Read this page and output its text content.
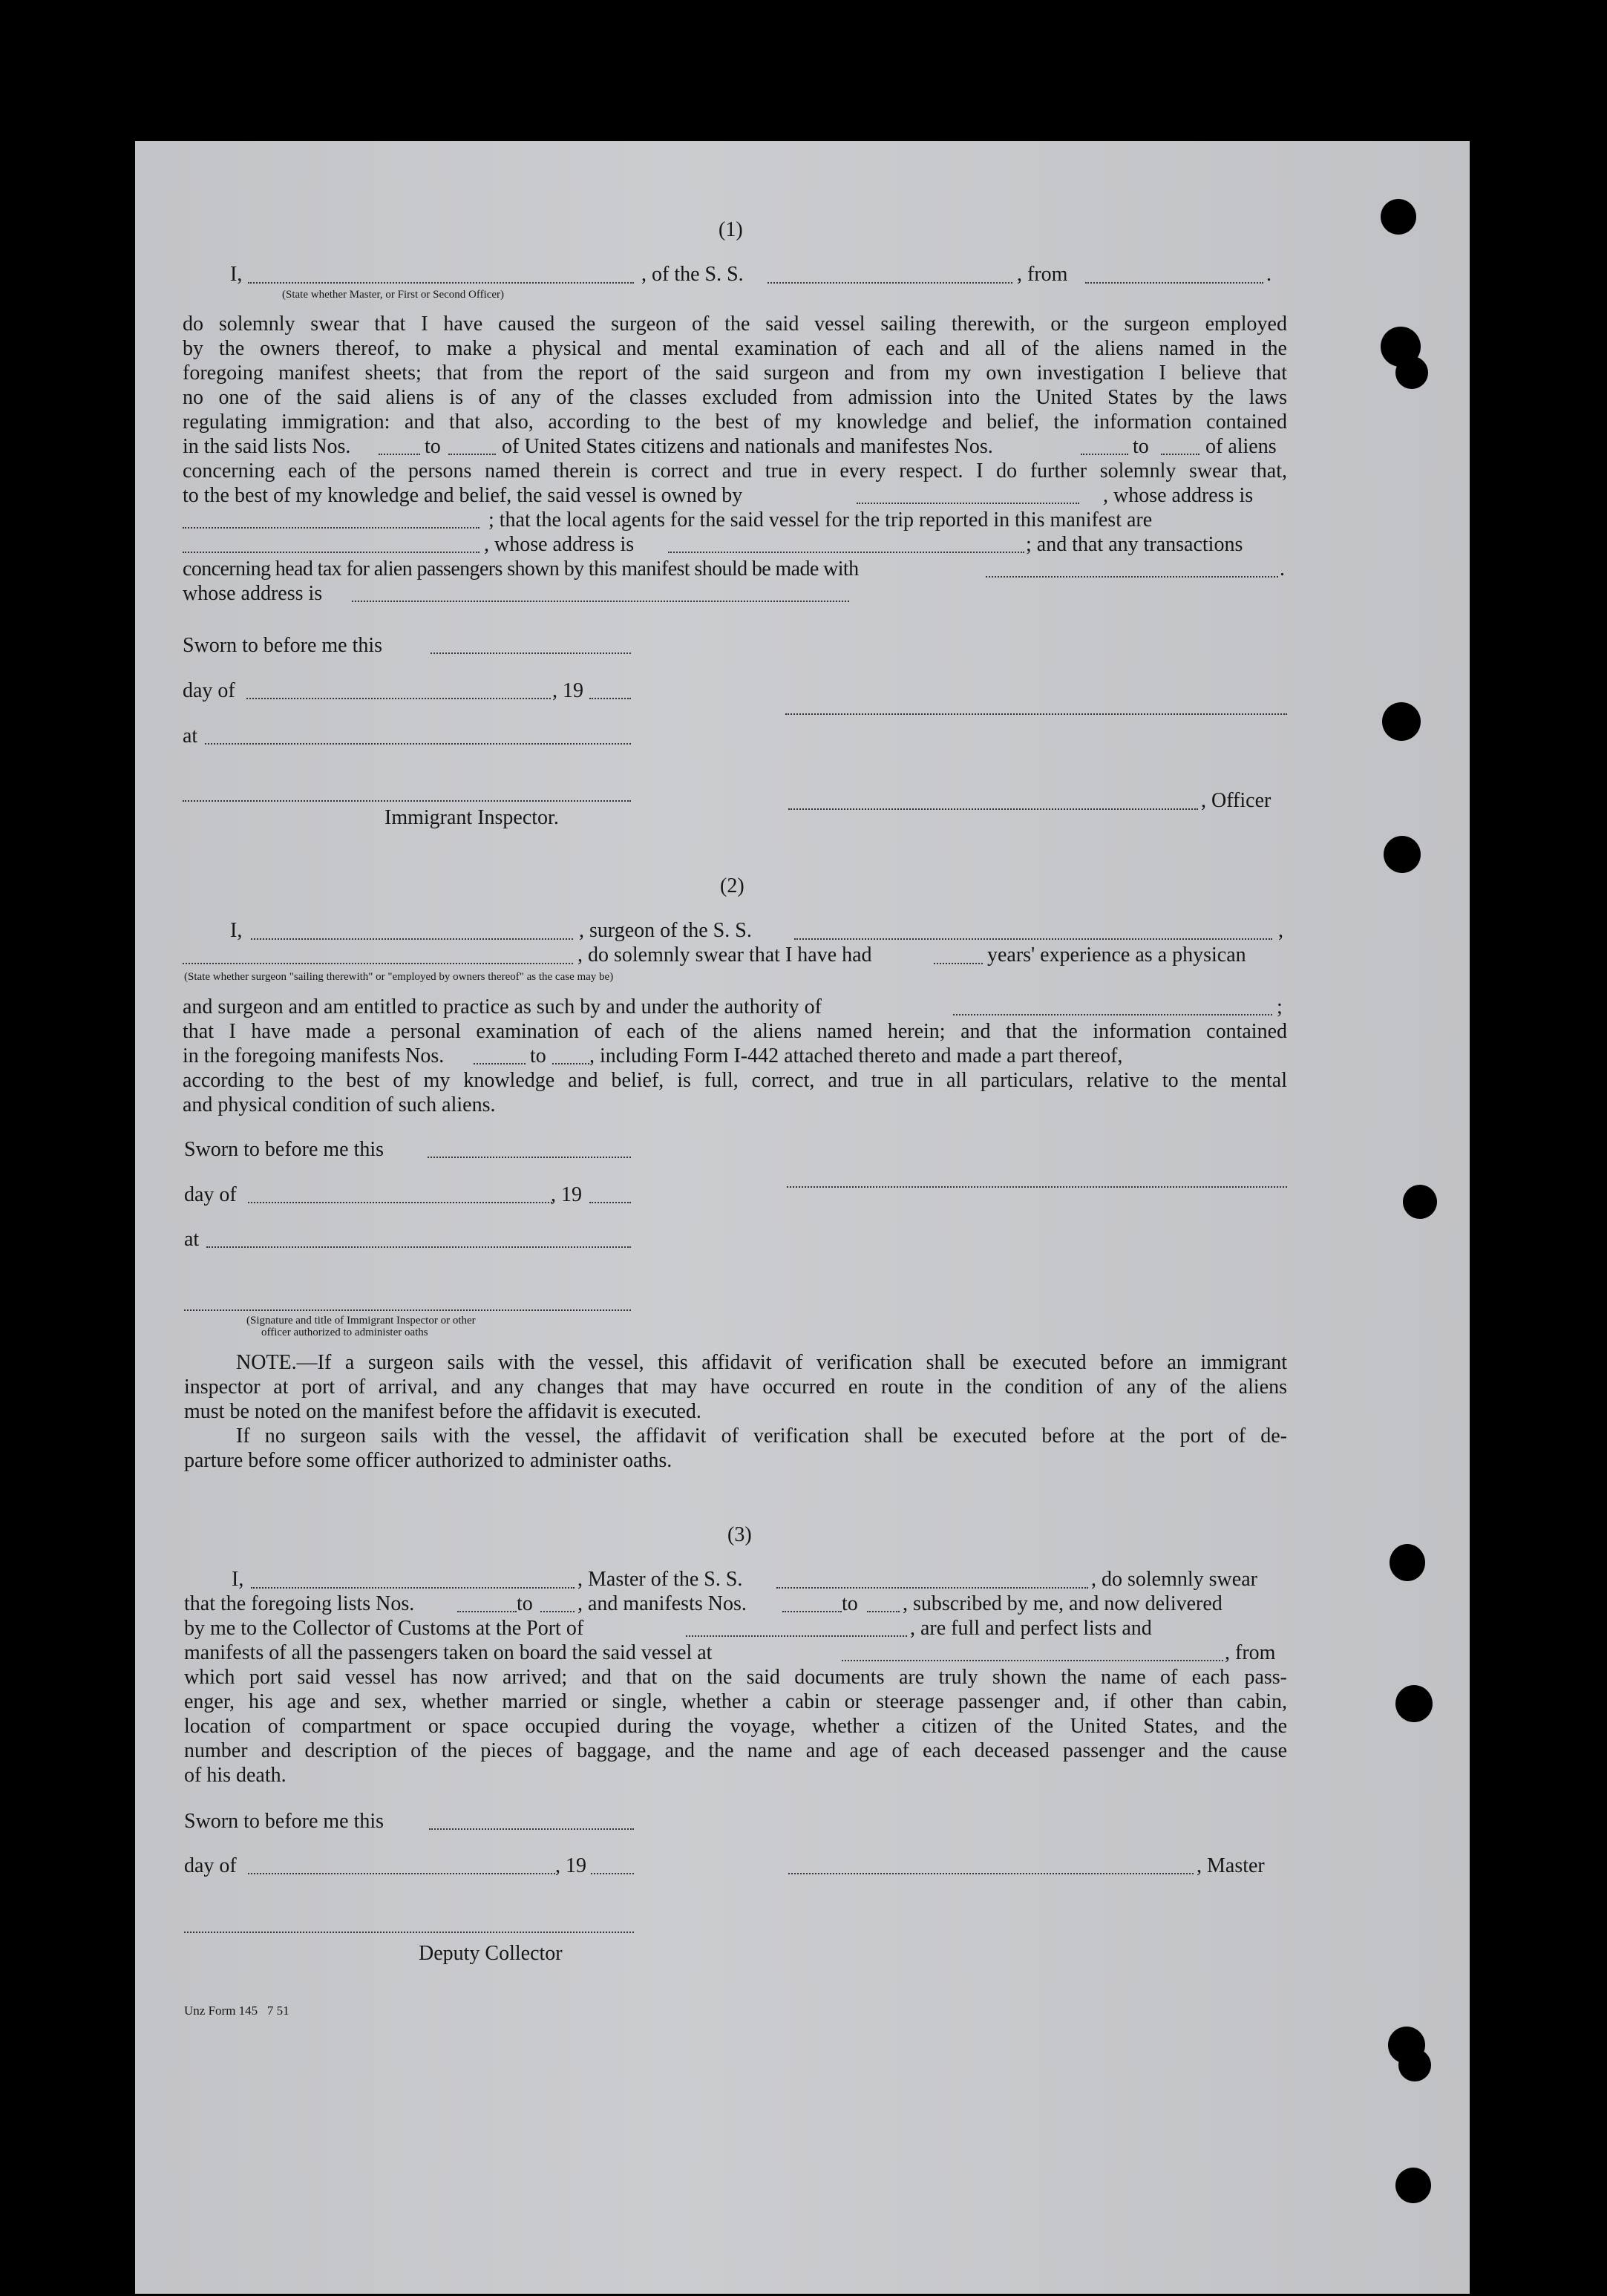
(1)
I,	, of the S. S.	, from	.
(State whether Master, or First or Second Officer)
do solemnly swear that I have caused the surgeon of the said vessel sailing therewith, or the surgeon employed
by the owners thereof, to make a physical and mental examination of each and all of the aliens named in the
foregoing manifest sheets; that from the report of the said surgeon and from my own investigation I believe that
no one of the said aliens is of any of the classes excluded from admission into the United States by the laws
regulating immigration: and that also, according to the best of my knowledge and belief, the information contained
in the said lists Nos.	to	of United States citizens and nationals and manifestes Nos.	to	of aliens
concerning each of the persons named therein is correct and true in every respect. I do further solemnly swear that,
to the best of my knowledge and belief, the said vessel is owned by	, whose address is
; that the local agents for the said vessel for the trip reported in this manifest are
, whose address is	; and that any transactions
concerning head tax for alien passengers shown by this manifest should be made with	.
whose address is
Sworn to before me this
day of	, 19
at
, Officer
Immigrant Inspector.
(2)
I,	, surgeon of the S. S.	,
, do solemnly swear that I have had	years' experience as a physican
(State whether surgeon "sailing therewith" or "employed by owners thereof" as the case may be)
and surgeon and am entitled to practice as such by and under the authority of	;
that I have made a personal examination of each of the aliens named herein; and that the information contained
in the foregoing manifests Nos.	to , including Form I-442 attached thereto and made a part thereof,
according to the best of my knowledge and belief, is full, correct, and true in all particulars, relative to the mental
and physical condition of such aliens.
Sworn to before me this
day of	, 19
at
(Signature and title of Immigrant Inspector or other
officer authorized to administer oaths
NOTE.—If a surgeon sails with the vessel, this affidavit of verification shall be executed before an immigrant
inspector at port of arrival, and any changes that may have occurred en route in the condition of any of the aliens
must be noted on the manifest before the affidavit is executed.
If no surgeon sails with the vessel, the affidavit of verification shall be executed before at the port of de-
parture before some officer authorized to administer oaths.
(3)
I,	, Master of the S. S.	, do solemnly swear
that the foregoing lists Nos.	to , and manifests Nos.	to , subscribed by me, and now delivered
by me to the Collector of Customs at the Port of	, are full and perfect lists and
manifests of all the passengers taken on board the said vessel at	, from
which port said vessel has now arrived; and that on the said documents are truly shown the name of each pass-
enger, his age and sex, whether married or single, whether a cabin or steerage passenger and, if other than cabin,
location of compartment or space occupied during the voyage, whether a citizen of the United States, and the
number and description of the pieces of baggage, and the name and age of each deceased passenger and the cause
of his death.
Sworn to before me this
day of	, 19	, Master
Deputy Collector
Unz Form 145   7 51
